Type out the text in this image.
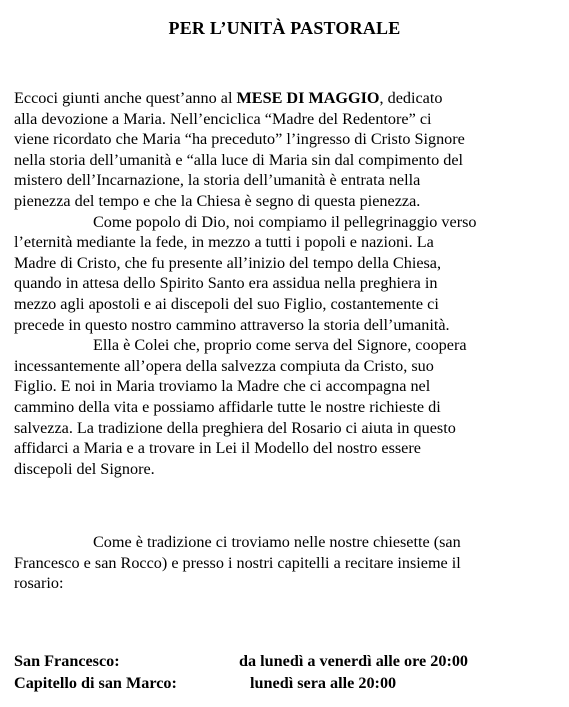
PER L’UNITÀ PASTORALE

Eccoci giunti anche quest’anno al MESE DI MAGGIO, dedicato
alla devozione a Maria. Nell’enciclica “Madre del Redentore” ci
viene ricordato che Maria “ha preceduto” l’ingresso di Cristo Signore
nella storia dell’umanità e “alla luce di Maria sin dal compimento del
mistero dell’Incarnazione, la storia dell’umanità è entrata nella
pienezza del tempo e che la Chiesa è segno di questa pienezza.

Come popolo di Dio, noi compiamo il pellegrinaggio verso
l’eternità mediante la fede, in mezzo a tutti i popoli e nazioni. La
Madre di Cristo, che fu presente all’inizio del tempo della Chiesa,
quando in attesa dello Spirito Santo era assidua nella preghiera in
mezzo agli apostoli e ai discepoli del suo Figlio, costantemente ci
precede in questo nostro cammino attraverso la storia dell’umanità.

Ella è Colei che, proprio come serva del Signore, coopera
incessantemente all’opera della salvezza compiuta da Cristo, suo
Figlio. E noi in Maria troviamo la Madre che ci accompagna nel
cammino della vita e possiamo affidarle tutte le nostre richieste di
salvezza. La tradizione della preghiera del Rosario ci aiuta in questo
affidarci a Maria e a trovare in Lei il Modello del nostro essere
discepoli del Signore.

Come è tradizione ci troviamo nelle nostre chiesette (san
Francesco e san Rocco) e presso i nostri capitelli a recitare insieme il
rosario:

San Francesco:	da lunedì a venerdì alle ore 20:00
Capitello di san Marco:	lunedì sera alle 20:00
